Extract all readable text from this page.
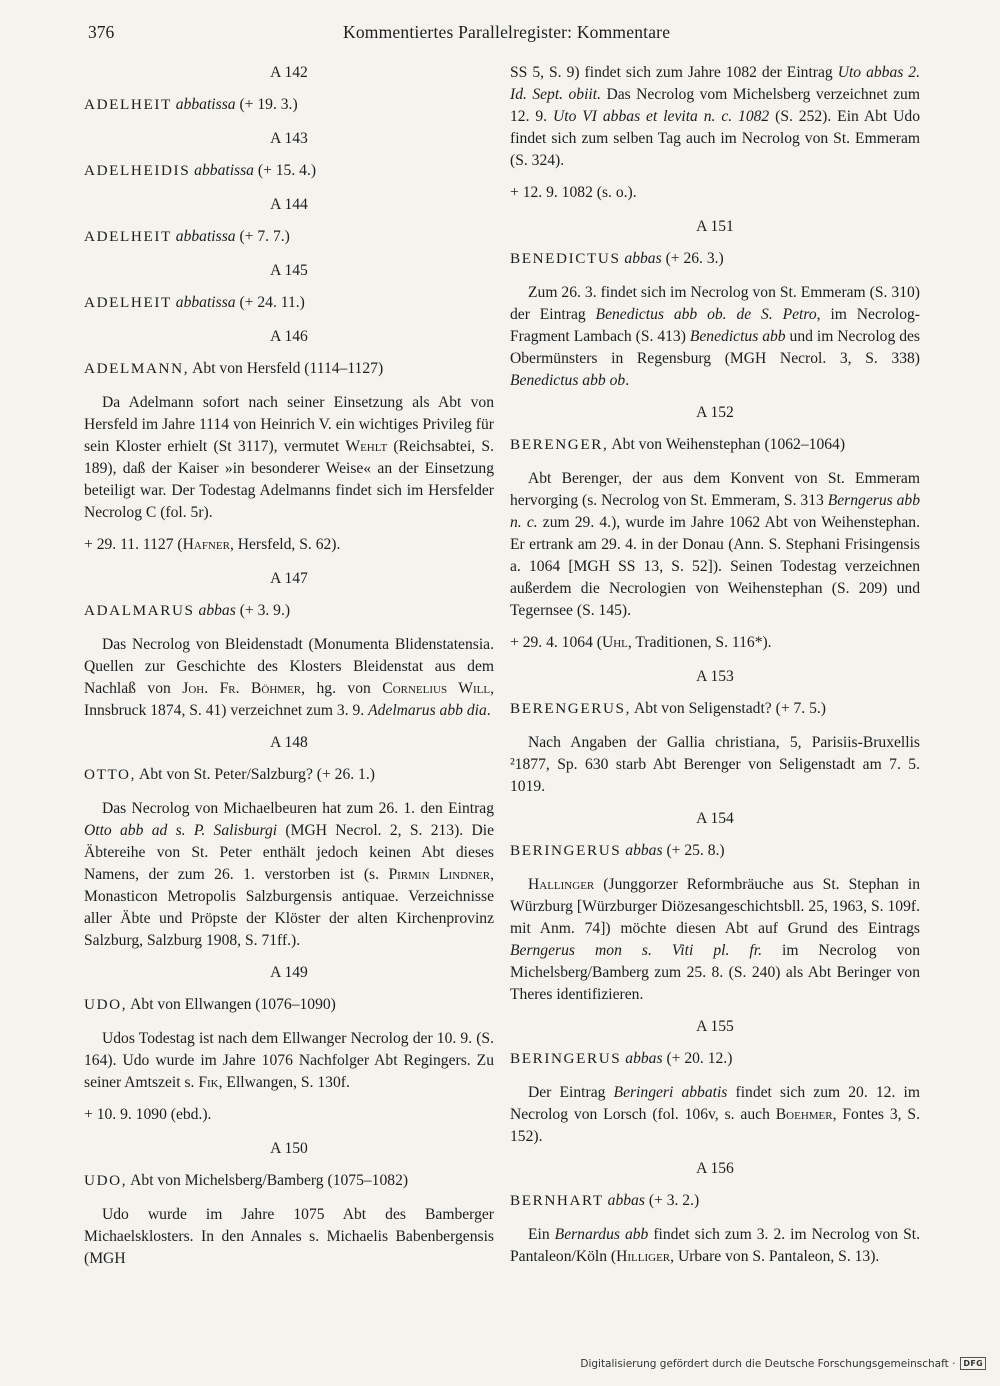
376	Kommentiertes Parallelregister: Kommentare
A 142
ADELHEIT abbatissa (+ 19. 3.)
A 143
ADELHEIDIS abbatissa (+ 15. 4.)
A 144
ADELHEIT abbatissa (+ 7. 7.)
A 145
ADELHEIT abbatissa (+ 24. 11.)
A 146
ADELMANN, Abt von Hersfeld (1114–1127)
Da Adelmann sofort nach seiner Einsetzung als Abt von Hersfeld im Jahre 1114 von Heinrich V. ein wichtiges Privileg für sein Kloster erhielt (St 3117), vermutet Wehlt (Reichsabtei, S. 189), daß der Kaiser »in besonderer Weise« an der Einsetzung beteiligt war. Der Todestag Adelmanns findet sich im Hersfelder Necrolog C (fol. 5r).
+ 29. 11. 1127 (Hafner, Hersfeld, S. 62).
A 147
ADALMARUS abbas (+ 3. 9.)
Das Necrolog von Bleidenstadt (Monumenta Blidenstatensia. Quellen zur Geschichte des Klosters Bleidenstat aus dem Nachlaß von Joh. Fr. Böhmer, hg. von Cornelius Will, Innsbruck 1874, S. 41) verzeichnet zum 3. 9. Adelmarus abb dia.
A 148
OTTO, Abt von St. Peter/Salzburg? (+ 26. 1.)
Das Necrolog von Michaelbeuren hat zum 26. 1. den Eintrag Otto abb ad s. P. Salisburgi (MGH Necrol. 2, S. 213). Die Äbtereihe von St. Peter enthält jedoch keinen Abt dieses Namens, der zum 26. 1. verstorben ist (s. Pirmin Lindner, Monasticon Metropolis Salzburgensis antiquae. Verzeichnisse aller Äbte und Pröpste der Klöster der alten Kirchenprovinz Salzburg, Salzburg 1908, S. 71ff.).
A 149
UDO, Abt von Ellwangen (1076–1090)
Udos Todestag ist nach dem Ellwanger Necrolog der 10. 9. (S. 164). Udo wurde im Jahre 1076 Nachfolger Abt Regingers. Zu seiner Amtszeit s. Fik, Ellwangen, S. 130f.
+ 10. 9. 1090 (ebd.).
A 150
UDO, Abt von Michelsberg/Bamberg (1075–1082)
Udo wurde im Jahre 1075 Abt des Bamberger Michaelsklosters. In den Annales s. Michaelis Babenbergensis (MGH
SS 5, S. 9) findet sich zum Jahre 1082 der Eintrag Uto abbas 2. Id. Sept. obiit. Das Necrolog vom Michelsberg verzeichnet zum 12. 9. Uto VI abbas et levita n. c. 1082 (S. 252). Ein Abt Udo findet sich zum selben Tag auch im Necrolog von St. Emmeram (S. 324).
+ 12. 9. 1082 (s. o.).
A 151
BENEDICTUS abbas (+ 26. 3.)
Zum 26. 3. findet sich im Necrolog von St. Emmeram (S. 310) der Eintrag Benedictus abb ob. de S. Petro, im Necrolog-Fragment Lambach (S. 413) Benedictus abb und im Necrolog des Obermünsters in Regensburg (MGH Necrol. 3, S. 338) Benedictus abb ob.
A 152
BERENGER, Abt von Weihenstephan (1062–1064)
Abt Berenger, der aus dem Konvent von St. Emmeram hervorging (s. Necrolog von St. Emmeram, S. 313 Berngerus abb n. c. zum 29. 4.), wurde im Jahre 1062 Abt von Weihenstephan. Er ertrank am 29. 4. in der Donau (Ann. S. Stephani Frisingensis a. 1064 [MGH SS 13, S. 52]). Seinen Todestag verzeichnen außerdem die Necrologien von Weihenstephan (S. 209) und Tegernsee (S. 145).
+ 29. 4. 1064 (Uhl, Traditionen, S. 116*).
A 153
BERENGERUS, Abt von Seligenstadt? (+ 7. 5.)
Nach Angaben der Gallia christiana, 5, Parisiis-Bruxellis ²1877, Sp. 630 starb Abt Berenger von Seligenstadt am 7. 5. 1019.
A 154
BERINGERUS abbas (+ 25. 8.)
Hallinger (Junggorzer Reformbräuche aus St. Stephan in Würzburg [Würzburger Diözesangeschichtsbll. 25, 1963, S. 109f. mit Anm. 74]) möchte diesen Abt auf Grund des Eintrags Berngerus mon s. Viti pl. fr. im Necrolog von Michelsberg/Bamberg zum 25. 8. (S. 240) als Abt Beringer von Theres identifizieren.
A 155
BERINGERUS abbas (+ 20. 12.)
Der Eintrag Beringeri abbatis findet sich zum 20. 12. im Necrolog von Lorsch (fol. 106v, s. auch Boehmer, Fontes 3, S. 152).
A 156
BERNHART abbas (+ 3. 2.)
Ein Bernardus abb findet sich zum 3. 2. im Necrolog von St. Pantaleon/Köln (Hilliger, Urbare von S. Pantaleon, S. 13).
Digitalisierung gefördert durch die Deutsche Forschungsgemeinschaft ·	DFG
